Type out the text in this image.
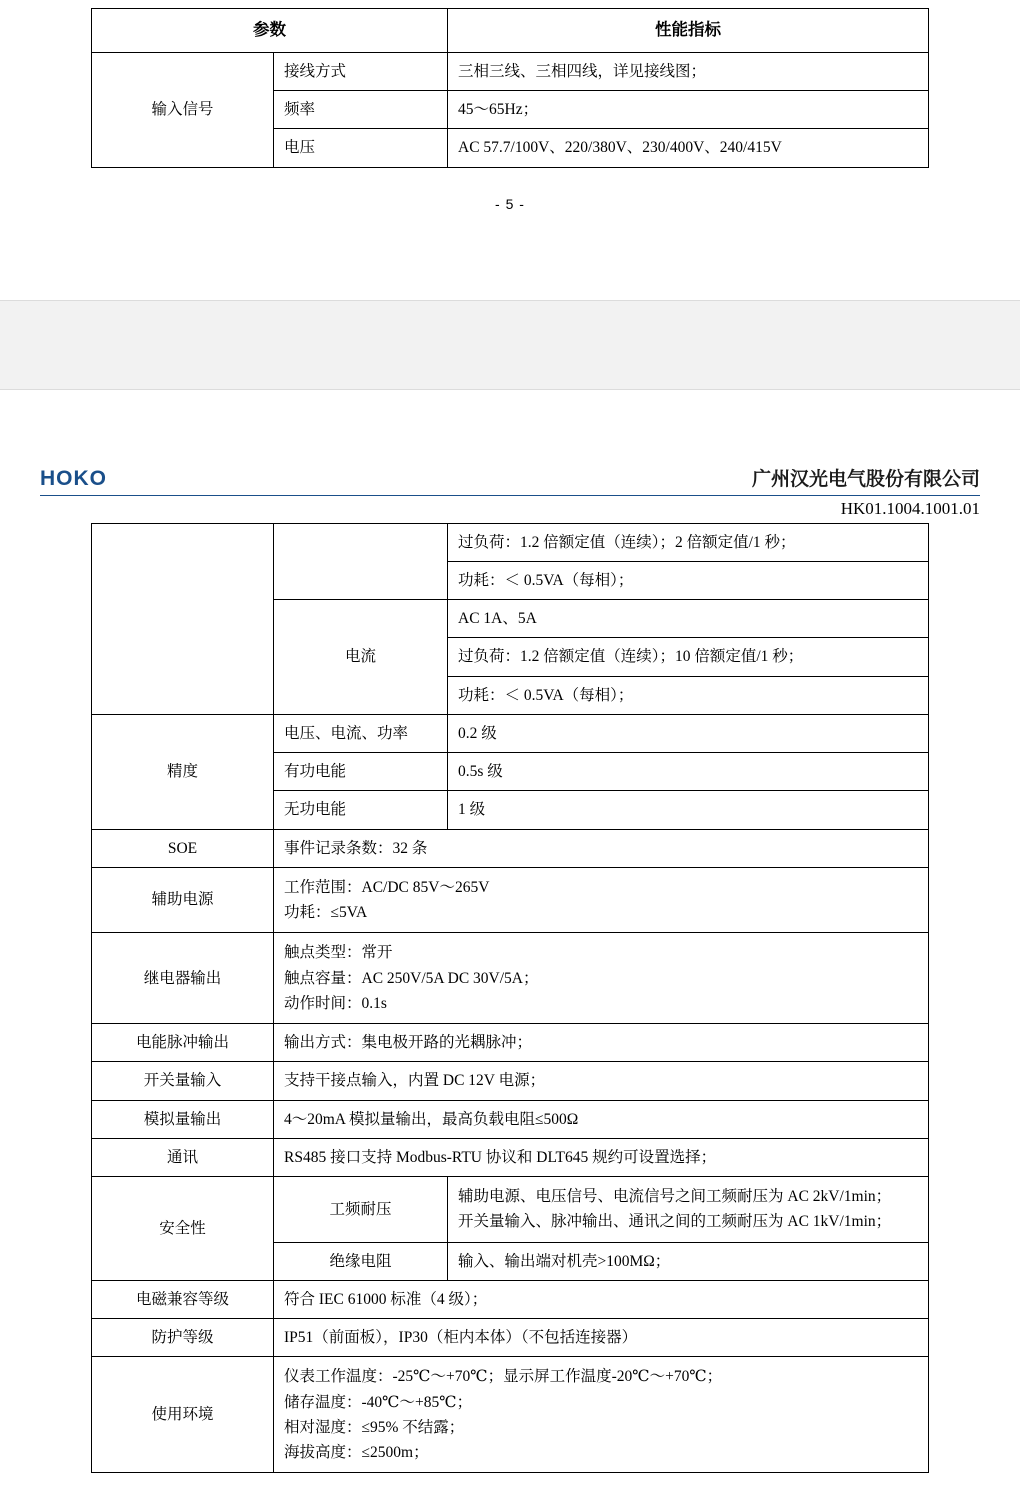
参数		性能指标
输入信号	接线方式	三相三线、三相四线，详见接线图；
	频率	45～65Hz；
	电压	AC 57.7/100V、220/380V、230/400V、240/415V
- 5 -
HOKO	广州汉光电气股份有限公司
HK01.1004.1001.01
		过负荷：1.2 倍额定值（连续）；2 倍额定值/1 秒；
		功耗：＜ 0.5VA（每相）；
	电流	AC 1A、5A
		过负荷：1.2 倍额定值（连续）；10 倍额定值/1 秒；
		功耗：＜ 0.5VA（每相）；
精度	电压、电流、功率	0.2 级
	有功电能	0.5s 级
	无功电能	1 级
SOE	事件记录条数：32 条	
辅助电源	工作范围：AC/DC 85V～265V
功耗：≤5VA	

继电器输出	触点类型：常开
触点容量：AC 250V/5A DC 30V/5A；
动作时间：0.1s	

电能脉冲输出	输出方式：集电极开路的光耦脉冲；	
开关量输入	支持干接点输入，内置 DC 12V 电源；	
模拟量输出	4～20mA 模拟量输出，最高负载电阻≤500Ω	
通讯	RS485 接口支持 Modbus-RTU 协议和 DLT645 规约可设置选择；	
安全性	工频耐压	辅助电源、电压信号、电流信号之间工频耐压为 AC 2kV/1min；
开关量输入、脉冲输出、通讯之间的工频耐压为 AC 1kV/1min；

	绝缘电阻	输入、输出端对机壳>100MΩ；
电磁兼容等级	符合 IEC 61000 标准（4 级）；	
防护等级	IP51（前面板），IP30（柜内本体）（不包括连接器）	
使用环境	仪表工作温度：-25℃～+70℃；显示屏工作温度-20℃～+70℃；
储存温度：-40℃～+85℃；
相对湿度：≤95% 不结露；
海拔高度：≤2500m；	
